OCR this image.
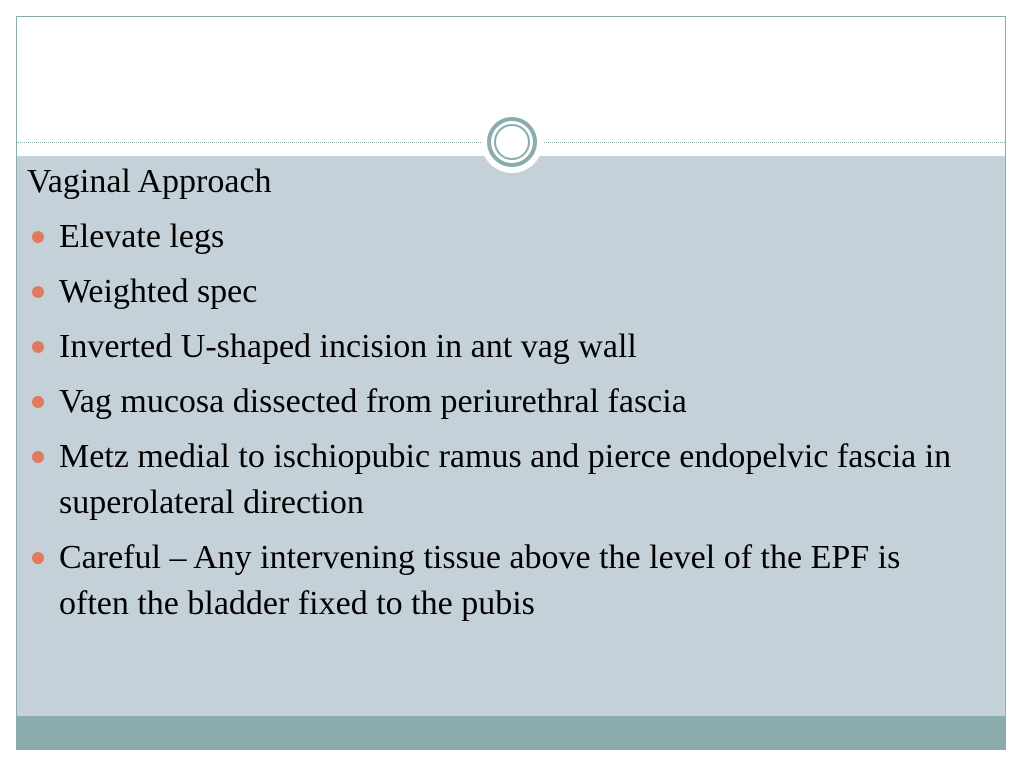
Vaginal Approach
Elevate legs
Weighted spec
Inverted U-shaped incision in ant vag wall
Vag mucosa dissected from periurethral fascia
Metz medial to ischiopubic ramus and pierce endopelvic fascia in superolateral direction
Careful – Any intervening tissue above the level of the EPF is often the bladder fixed to the pubis
